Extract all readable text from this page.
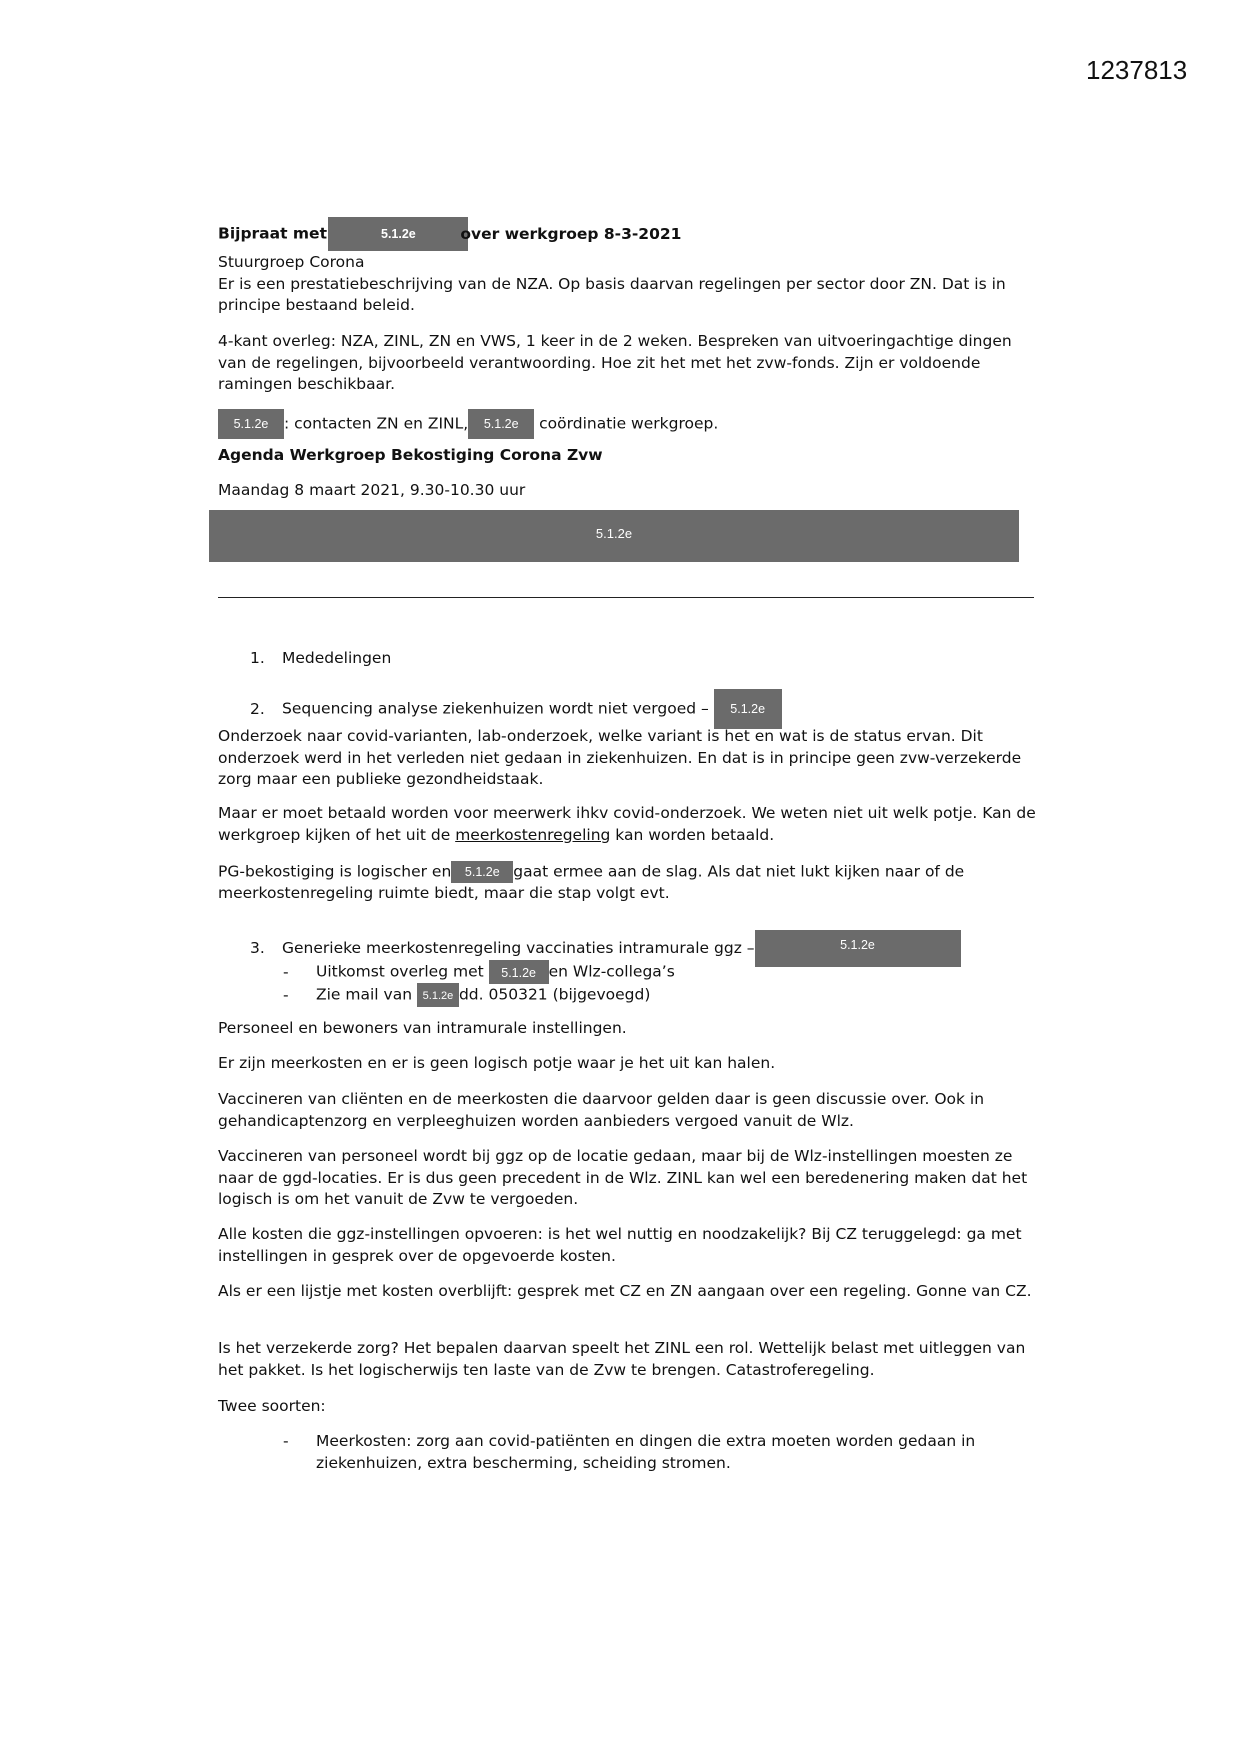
1237813

Bijpraat met	5.1.2e	over werkgroep 8-3-2021

Stuurgroep Corona
Er is een prestatiebeschrijving van de NZA. Op basis daarvan regelingen per sector door ZN. Dat is in principe bestaand beleid.

4-kant overleg: NZA, ZINL, ZN en VWS, 1 keer in de 2 weken. Bespreken van uitvoeringachtige dingen van de regelingen, bijvoorbeeld verantwoording. Hoe zit het met het zvw-fonds. Zijn er voldoende ramingen beschikbaar.

5.1.2e : contacten ZN en ZINL, 5.1.2e coördinatie werkgroep.

Agenda Werkgroep Bekostiging Corona Zvw

Maandag 8 maart 2021, 9.30-10.30 uur

5.1.2e
1. Mededelingen
2. Sequencing analyse ziekenhuizen wordt niet vergoed – 5.1.2e

Onderzoek naar covid-varianten, lab-onderzoek, welke variant is het en wat is de status ervan. Dit onderzoek werd in het verleden niet gedaan in ziekenhuizen. En dat is in principe geen zvw-verzekerde zorg maar een publieke gezondheidstaak.

Maar er moet betaald worden voor meerwerk ihkv covid-onderzoek. We weten niet uit welk potje. Kan de werkgroep kijken of het uit de meerkostenregeling kan worden betaald.

PG-bekostiging is logischer en 5.1.2e gaat ermee aan de slag. Als dat niet lukt kijken naar of de meerkostenregeling ruimte biedt, maar die stap volgt evt.

3. Generieke meerkostenregeling vaccinaties intramurale ggz –	5.1.2e
- Uitkomst overleg met 5.1.2e en Wlz-collega’s
- Zie mail van 5.1.2e dd. 050321 (bijgevoegd)

Personeel en bewoners van intramurale instellingen.

Er zijn meerkosten en er is geen logisch potje waar je het uit kan halen.

Vaccineren van cliënten en de meerkosten die daarvoor gelden daar is geen discussie over. Ook in gehandicaptenzorg en verpleeghuizen worden aanbieders vergoed vanuit de Wlz.

Vaccineren van personeel wordt bij ggz op de locatie gedaan, maar bij de Wlz-instellingen moesten ze naar de ggd-locaties. Er is dus geen precedent in de Wlz. ZINL kan wel een beredenering maken dat het logisch is om het vanuit de Zvw te vergoeden.

Alle kosten die ggz-instellingen opvoeren: is het wel nuttig en noodzakelijk? Bij CZ teruggelegd: ga met instellingen in gesprek over de opgevoerde kosten.

Als er een lijstje met kosten overblijft: gesprek met CZ en ZN aangaan over een regeling. Gonne van CZ.

Is het verzekerde zorg? Het bepalen daarvan speelt het ZINL een rol. Wettelijk belast met uitleggen van het pakket. Is het logischerwijs ten laste van de Zvw te brengen. Catastroferegeling.

Twee soorten:

-	Meerkosten: zorg aan covid-patiënten en dingen die extra moeten worden gedaan in ziekenhuizen, extra bescherming, scheiding stromen.
